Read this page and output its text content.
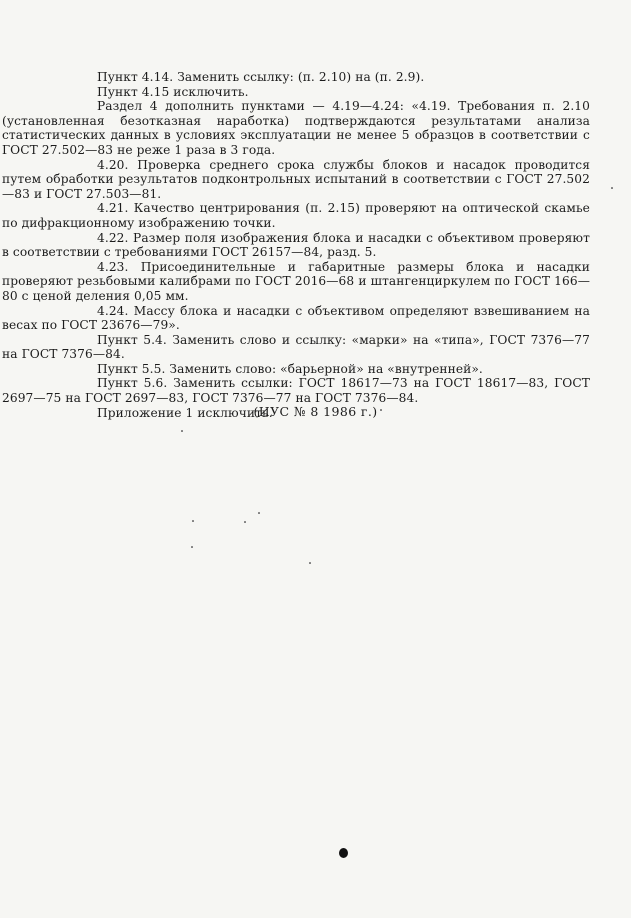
Пункт 4.14. Заменить ссылку: (п. 2.10) на (п. 2.9).

Пункт 4.15 исключить.

Раздел 4 дополнить пунктами — 4.19—4.24: «4.19. Требования п. 2.10 (установленная безотказная наработка) подтверждаются результатами анализа статистических данных в условиях эксплуатации не менее 5 образцов в соответствии с ГОСТ 27.502—83 не реже 1 раза в 3 года.

4.20. Проверка среднего срока службы блоков и насадок проводится путем обработки результатов подконтрольных испытаний в соответствии с ГОСТ 27.502—83 и ГОСТ 27.503—81.

4.21. Качество центрирования (п. 2.15) проверяют на оптической скамье по дифракционному изображению точки.

4.22. Размер поля изображения блока и насадки с объективом проверяют в соответствии с требованиями ГОСТ 26157—84, разд. 5.

4.23. Присоединительные и габаритные размеры блока и насадки проверяют резьбовыми калибрами по ГОСТ 2016—68 и штангенциркулем по ГОСТ 166—80 с ценой деления 0,05 мм.

4.24. Массу блока и насадки с объективом определяют взвешиванием на весах по ГОСТ 23676—79».

Пункт 5.4. Заменить слово и ссылку: «марки» на «типа», ГОСТ 7376—77 на ГОСТ 7376—84.

Пункт 5.5. Заменить слово: «барьерной» на «внутренней».

Пункт 5.6. Заменить ссылки: ГОСТ 18617—73 на ГОСТ 18617—83, ГОСТ 2697—75 на ГОСТ 2697—83, ГОСТ 7376—77 на ГОСТ 7376—84.

Приложение 1 исключить.

(ИУС № 8 1986 г.)
